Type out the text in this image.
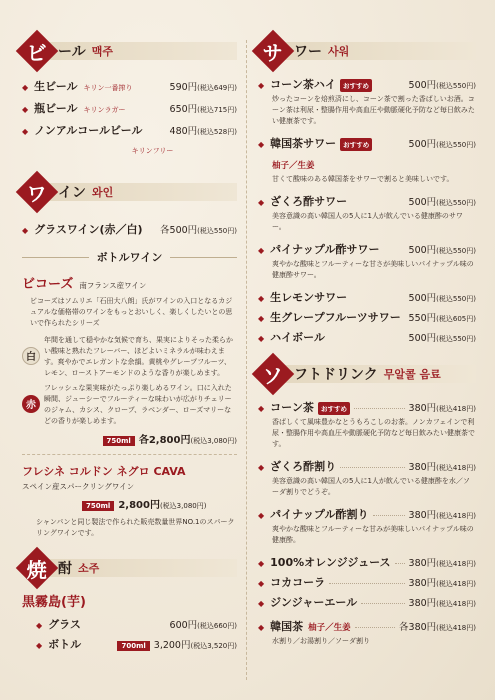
ビ ール 맥주
◆ 生ビール キリン一番搾り	590円(税込649円)
◆ 瓶ビール キリンラガー	650円(税込715円)
◆ ノンアルコールビール	480円(税込528円)
キリンフリー
ワ イン 와인
◆ グラスワイン(赤／白) 各500円(税込550円)
ボトルワイン
ビコーズ 南フランス産ワイン
ビコーズはソムリエ「石田大八朗」氏がワインの入口となるカジュアルな価格帯のワインをもっとおいしく、楽しくしたいとの思いで作られたシリーズ
白
年間を通して穏やかな気候で育ち、果実によりそった柔らかい酸味と熟れたフレーバー、ほどよいミネラルが味わえます。爽やかでエレガントな余韻。黄桃やグレープフルーツ、レモン、ローストアーモンドのような香りが楽しめます。
赤
フレッシュな果実味がたっぷり楽しめるワイン。口に入れた瞬間、ジューシーでフルーティーな味わいが広がりチェリーのジャム、カシス、クローブ、ラベンダー、ローズマリーなどの香りが楽しめます。
750ml 各2,800円 (税込3,080円)
フレシネ コルドン ネグロ CAVA
スペイン産スパークリングワイン
750ml 2,800円 (税込3,080円)
シャンパンと同じ製法で作られた販売数量世界NO.1のスパークリングワインです。
焼 酎 소주
黒霧島(芋)
◆ グラス	600円(税込660円)
◆ ボトル	700ml 3,200円(税込3,520円)
サ ワー 사워
◆ コーン茶ハイ	おすすめ	500円(税込550円)
炒ったコーンを焙煎済にし、コーン茶で割った香ばしいお酒。コーン茶は利尿・整腸作用や高血圧や動脈硬化予防など毎日飲みたい健康茶です。
◆ 韓国茶サワー	おすすめ	500円(税込550円)
柚子／生姜
甘くて酸味のある韓国茶をサワーで割ると美味しいです。
◆ ざくろ酢サワー	500円(税込550円)
美容意識の高い韓国人の5人に1人が飲んでいる健康酢のサワー。
◆ パイナップル酢サワー	500円(税込550円)
爽やかな酸味とフルーティーな甘さが美味しいパイナップル味の健康酢サワー。
◆ 生レモンサワー	500円(税込550円)
◆ 生グレープフルーツサワー 550円(税込605円)
◆ ハイボール	500円(税込550円)
ソ フトドリンク 무알콜 음료
◆ コーン茶	おすすめ	380円(税込418円)
香ばしくて風味豊かなとうもろこしのお茶。ノンカフェインで利尿・整腸作用や高血圧や動脈硬化予防など毎日飲みたい健康茶です。
◆ ざくろ酢割り	380円(税込418円)
美容意識の高い韓国人の5人に1人が飲んでいる健康酢を水／ソーダ割りでどうぞ。
◆ パイナップル酢割り	380円(税込418円)
爽やかな酸味とフルーティーな甘みが美味しいパイナップル味の健康酢。
◆ 100%オレンジジュース 380円(税込418円)
◆ コカコーラ	380円(税込418円)
◆ ジンジャーエール	380円(税込418円)
◆ 韓国茶 柚子／生姜	各380円(税込418円)
水割り／お湯割り／ソーダ割り
